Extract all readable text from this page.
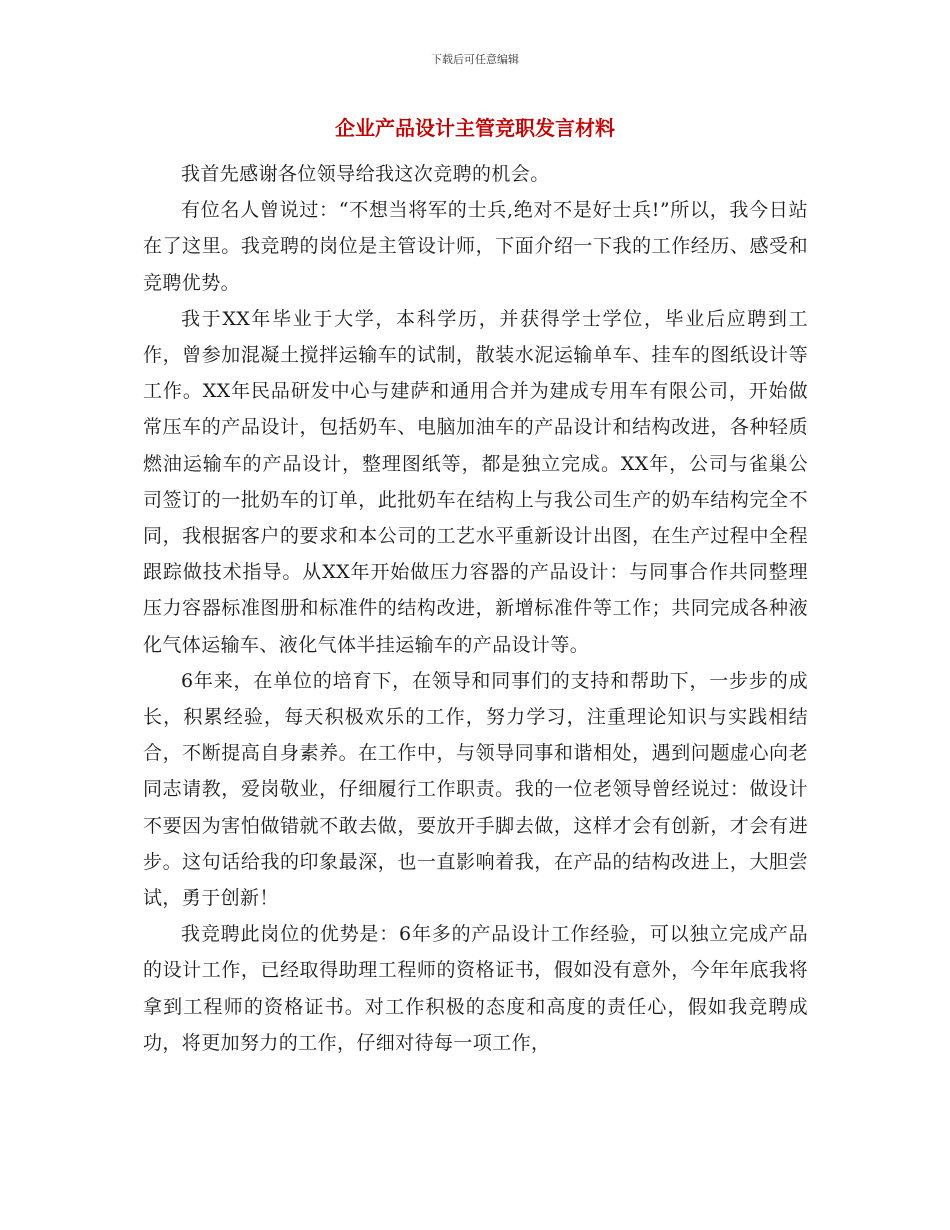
下载后可任意编辑

企业产品设计主管竞职发言材料

我首先感谢各位领导给我这次竞聘的机会。

有位名人曾说过：“不想当将军的士兵,绝对不是好士兵!”所以，我今日站在了这里。我竞聘的岗位是主管设计师，下面介绍一下我的工作经历、感受和竞聘优势。

我于XX年毕业于大学，本科学历，并获得学士学位，毕业后应聘到工作，曾参加混凝土搅拌运输车的试制，散装水泥运输单车、挂车的图纸设计等工作。XX年民品研发中心与建萨和通用合并为建成专用车有限公司，开始做常压车的产品设计，包括奶车、电脑加油车的产品设计和结构改进，各种轻质燃油运输车的产品设计，整理图纸等，都是独立完成。XX年，公司与雀巢公司签订的一批奶车的订单，此批奶车在结构上与我公司生产的奶车结构完全不同，我根据客户的要求和本公司的工艺水平重新设计出图，在生产过程中全程跟踪做技术指导。从XX年开始做压力容器的产品设计：与同事合作共同整理压力容器标准图册和标准件的结构改进，新增标准件等工作；共同完成各种液化气体运输车、液化气体半挂运输车的产品设计等。

6年来，在单位的培育下，在领导和同事们的支持和帮助下，一步步的成长，积累经验，每天积极欢乐的工作，努力学习，注重理论知识与实践相结合，不断提高自身素养。在工作中，与领导同事和谐相处，遇到问题虚心向老同志请教，爱岗敬业，仔细履行工作职责。我的一位老领导曾经说过：做设计不要因为害怕做错就不敢去做，要放开手脚去做，这样才会有创新，才会有进步。这句话给我的印象最深，也一直影响着我，在产品的结构改进上，大胆尝试，勇于创新！

我竞聘此岗位的优势是：6年多的产品设计工作经验，可以独立完成产品的设计工作，已经取得助理工程师的资格证书，假如没有意外，今年年底我将拿到工程师的资格证书。对工作积极的态度和高度的责任心，假如我竞聘成功，将更加努力的工作，仔细对待每一项工作，
